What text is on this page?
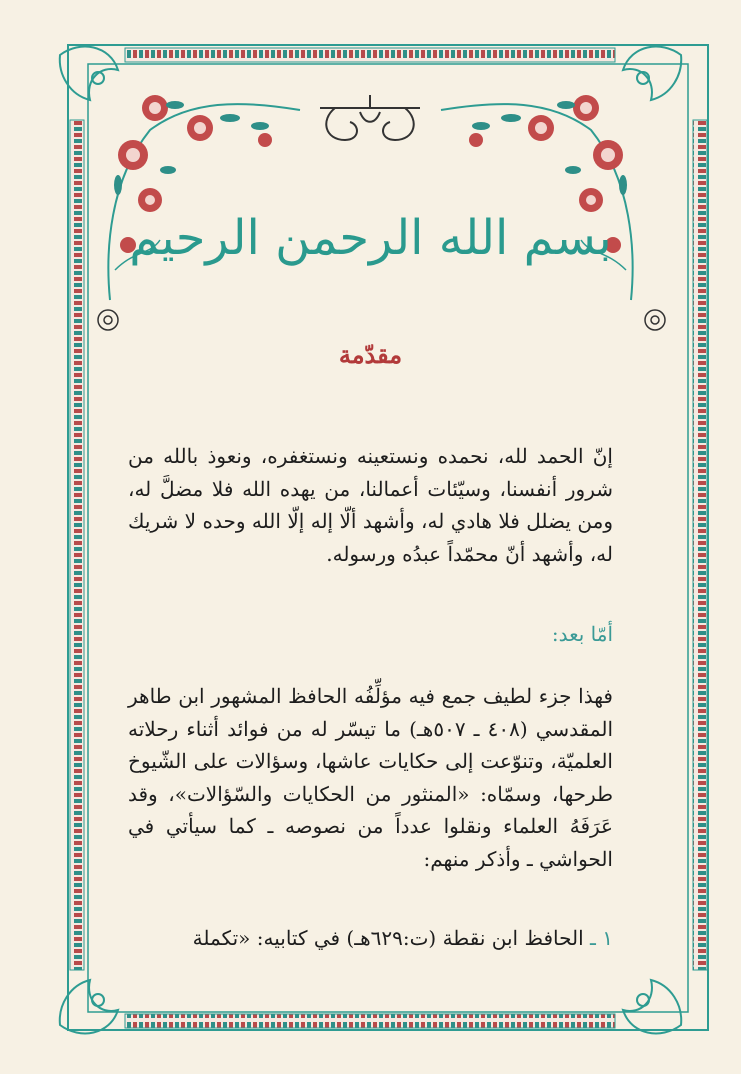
بسم الله الرحمن الرحيم
مقدّمة
إنّ الحمد لله، نحمده ونستعينه ونستغفره، ونعوذ بالله من شرور أنفسنا، وسيّئات أعمالنا، من يهده الله فلا مضلَّ له، ومن يضلل فلا هادي له، وأشهد ألّا إله إلّا الله وحده لا شريك له، وأشهد أنّ محمّداً عبدُه ورسوله.
أمّا بعد:
فهذا جزء لطيف جمع فيه مؤلِّفُه الحافظ المشهور ابن طاهر المقدسي (٤٠٨ ـ ٥٠٧هـ) ما تيسّر له من فوائد أثناء رحلاته العلميّة، وتنوّعت إلى حكايات عاشها، وسؤالات على الشّيوخ طرحها، وسمّاه: «المنثور من الحكايات والسّؤالات»، وقد عَرَفَهُ العلماء ونقلوا عدداً من نصوصه ـ كما سيأتي في الحواشي ـ وأذكر منهم:
١ ـ الحافظ ابن نقطة (ت:٦٢٩هـ) في كتابيه: «تكملة
